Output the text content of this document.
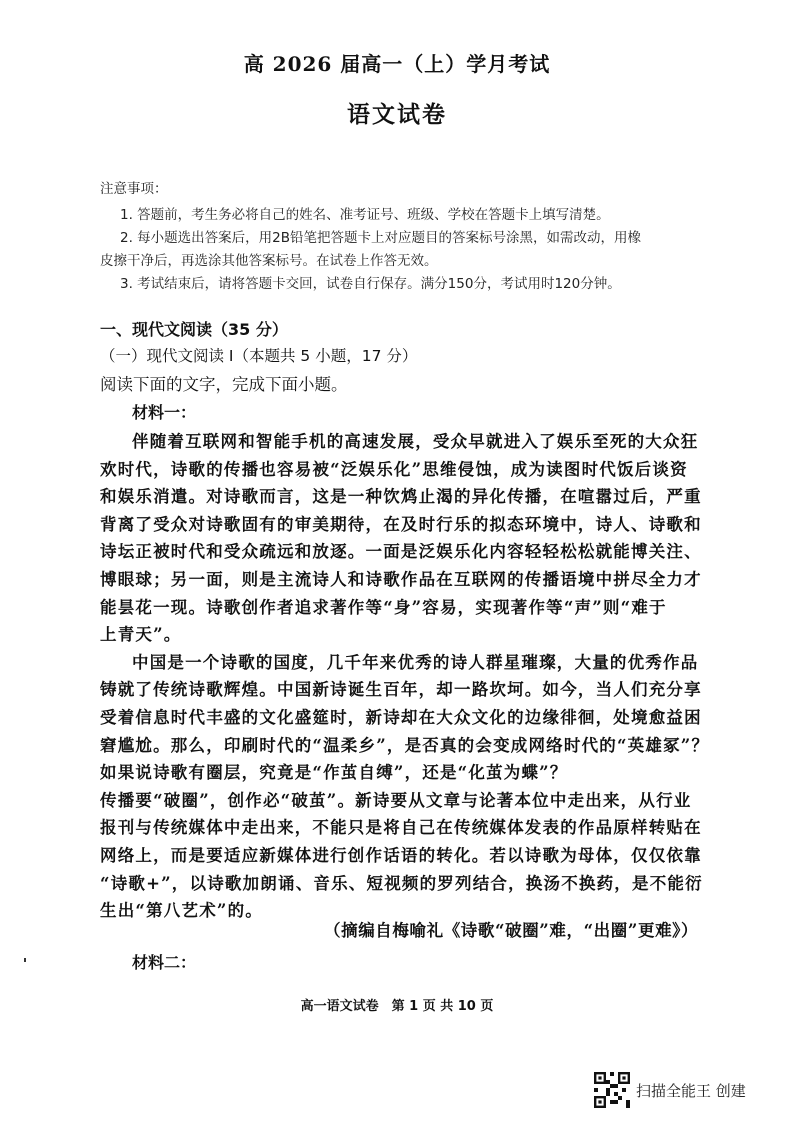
高 2026 届高一（上）学月考试
语文试卷
注意事项：
1. 答题前，考生务必将自己的姓名、准考证号、班级、学校在答题卡上填写清楚。
2. 每小题选出答案后，用2B铅笔把答题卡上对应题目的答案标号涂黑，如需改动，用橡
皮擦干净后，再选涂其他答案标号。在试卷上作答无效。
3. 考试结束后，请将答题卡交回，试卷自行保存。满分150分，考试用时120分钟。
一、现代文阅读（35 分）
（一）现代文阅读 I（本题共 5 小题，17 分）
阅读下面的文字，完成下面小题。
材料一：
伴随着互联网和智能手机的高速发展，受众早就进入了娱乐至死的大众狂
欢时代，诗歌的传播也容易被“泛娱乐化”思维侵蚀，成为读图时代饭后谈资
和娱乐消遣。对诗歌而言，这是一种饮鸩止渴的异化传播，在喧嚣过后，严重
背离了受众对诗歌固有的审美期待，在及时行乐的拟态环境中，诗人、诗歌和
诗坛正被时代和受众疏远和放逐。一面是泛娱乐化内容轻轻松松就能博关注、
博眼球；另一面，则是主流诗人和诗歌作品在互联网的传播语境中拼尽全力才
能昙花一现。诗歌创作者追求著作等“身”容易，实现著作等“声”则“难于
上青天”。
中国是一个诗歌的国度，几千年来优秀的诗人群星璀璨，大量的优秀作品
铸就了传统诗歌辉煌。中国新诗诞生百年，却一路坎坷。如今，当人们充分享
受着信息时代丰盛的文化盛筵时，新诗却在大众文化的边缘徘徊，处境愈益困
窘尴尬。那么，印刷时代的“温柔乡”，是否真的会变成网络时代的“英雄冢”？
如果说诗歌有圈层，究竟是“作茧自缚”，还是“化茧为蝶”？
传播要“破圈”，创作必“破茧”。新诗要从文章与论著本位中走出来，从行业
报刊与传统媒体中走出来，不能只是将自己在传统媒体发表的作品原样转贴在
网络上，而是要适应新媒体进行创作话语的转化。若以诗歌为母体，仅仅依靠
“诗歌+”，以诗歌加朗诵、音乐、短视频的罗列结合，换汤不换药，是不能衍
生出“第八艺术”的。
（摘编自梅喻礼《诗歌“破圈”难，“出圈”更难》）
材料二：
高一语文试卷　第 1 页 共 10 页
扫描全能王 创建
